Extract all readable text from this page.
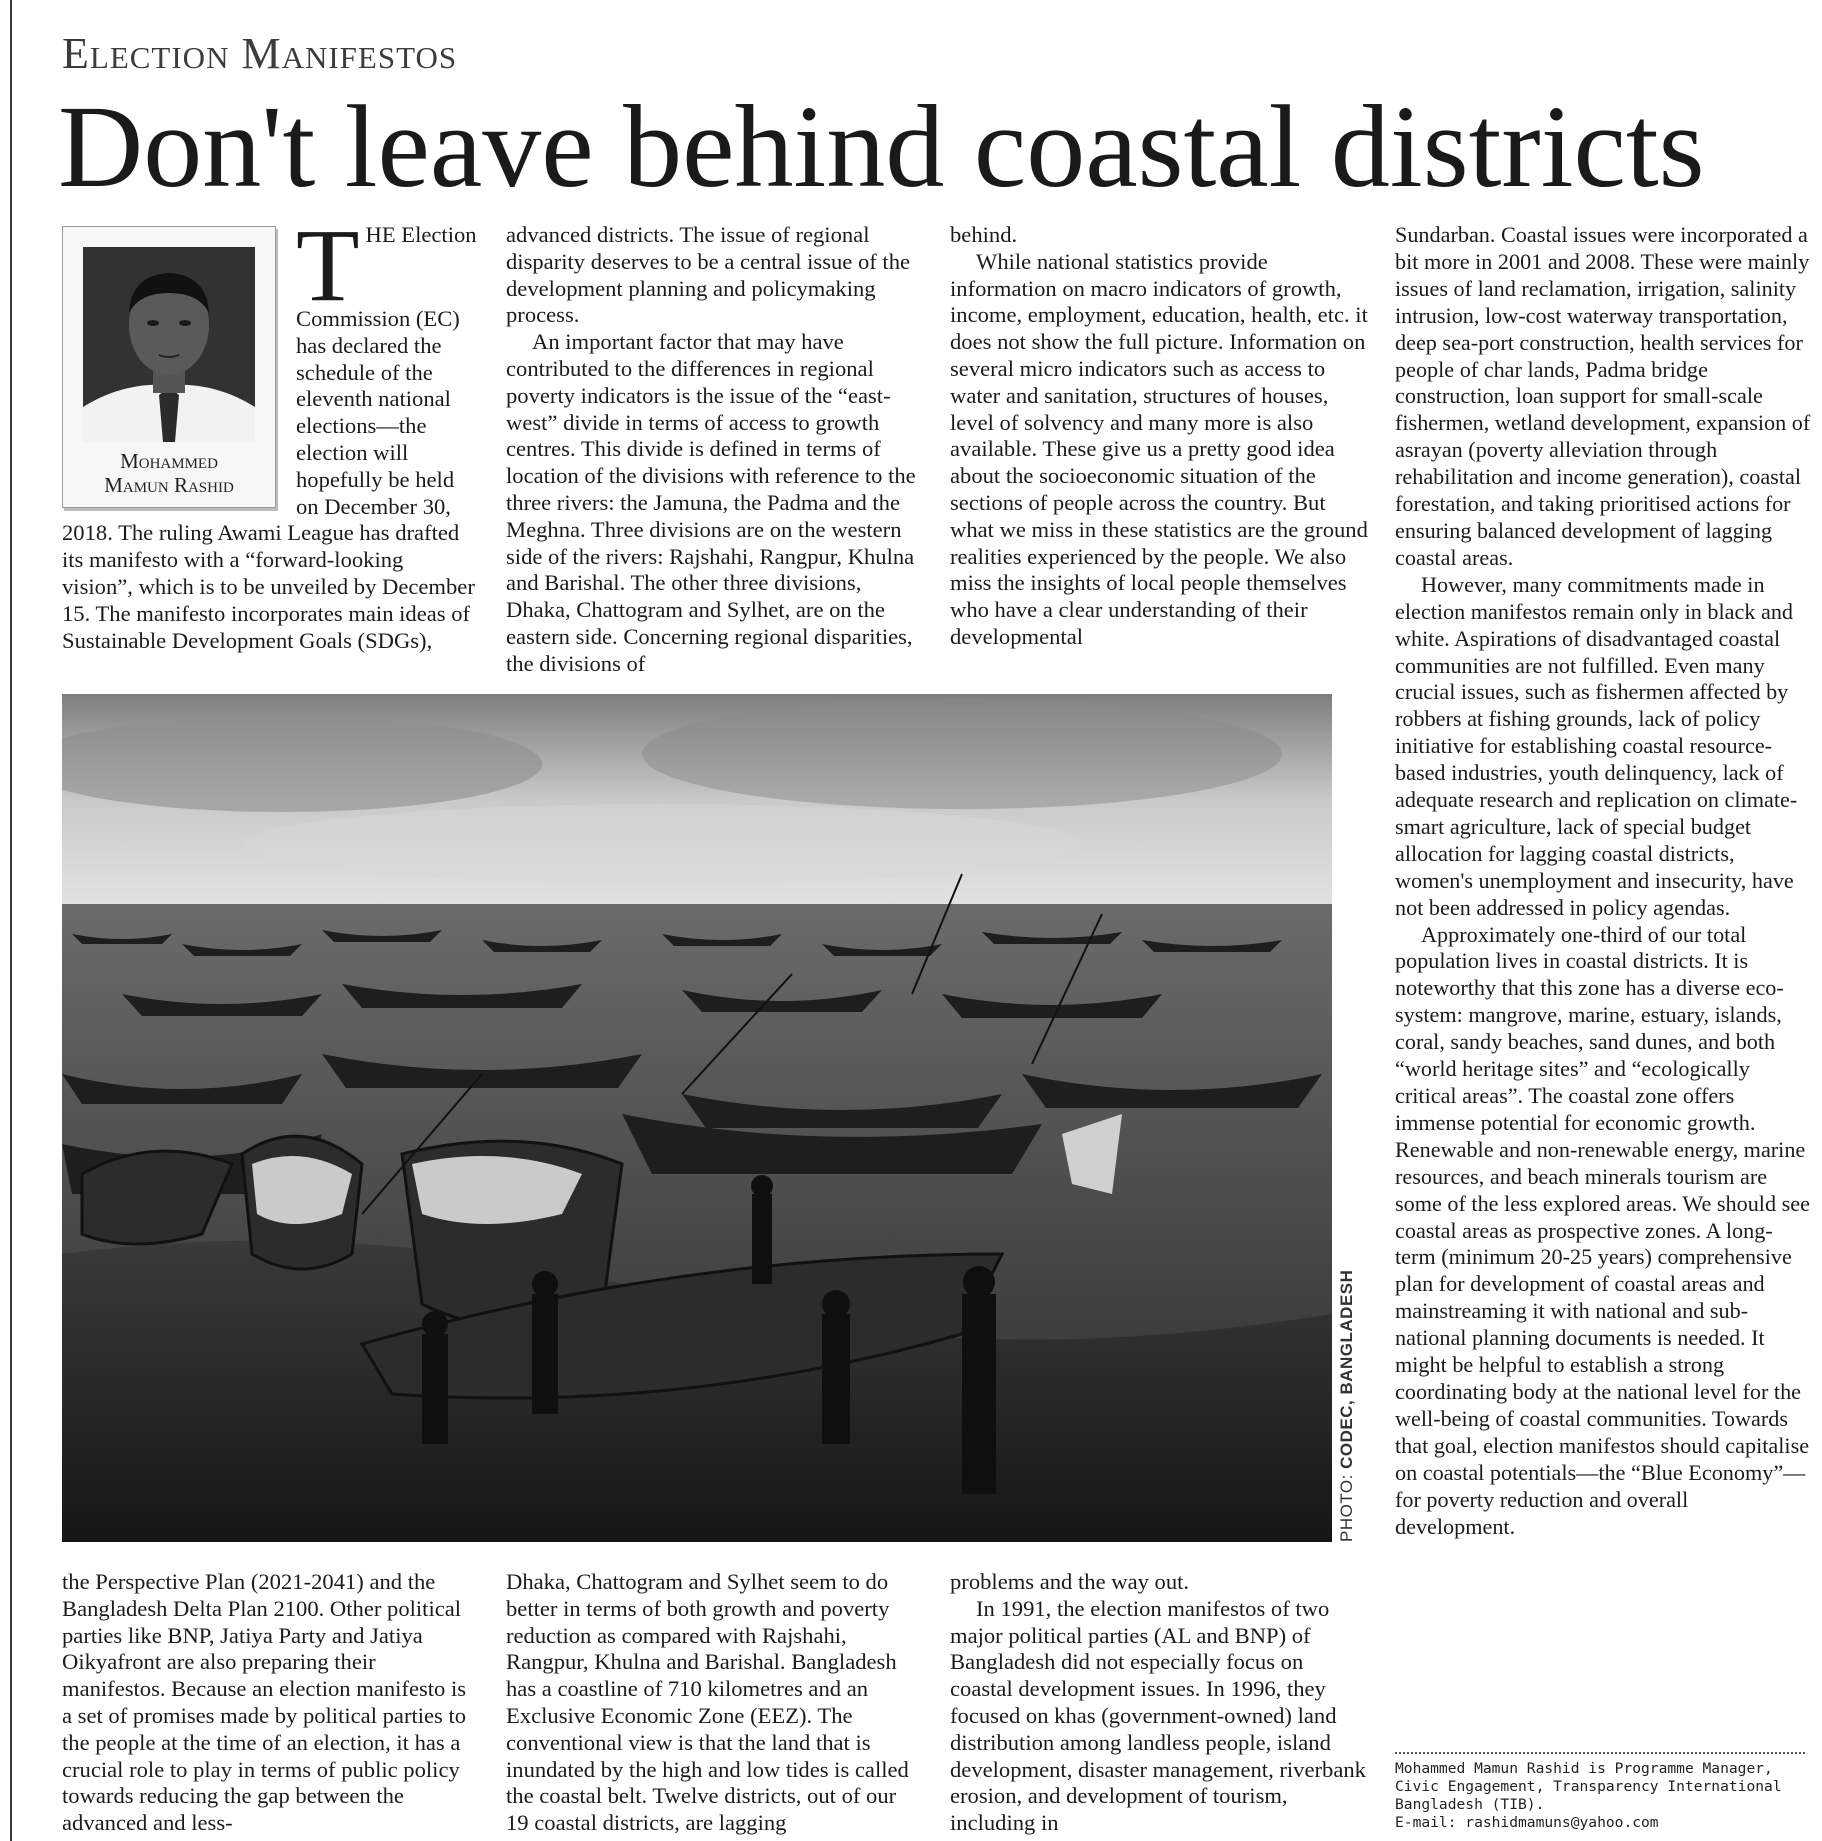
Election Manifestos
Don't leave behind coastal districts
Mohammed
Mamun Rashid
T HE Election Commission (EC) has declared the schedule of the eleventh national elections—the election will hopefully be held on December 30, 2018. The ruling Awami League has drafted its manifesto with a “forward-looking vision”, which is to be unveiled by December 15. The manifesto incorporates main ideas of Sustainable Development Goals (SDGs),

advanced districts. The issue of regional disparity deserves to be a central issue of the development planning and policymaking process.

An important factor that may have contributed to the differences in regional poverty indicators is the issue of the “east-west” divide in terms of access to growth centres. This divide is defined in terms of location of the divisions with reference to the three rivers: the Jamuna, the Padma and the Meghna. Three divisions are on the western side of the rivers: Rajshahi, Rangpur, Khulna and Barishal. The other three divisions, Dhaka, Chattogram and Sylhet, are on the eastern side. Concerning regional disparities, the divisions of

behind.

While national statistics provide information on macro indicators of growth, income, employment, education, health, etc. it does not show the full picture. Information on several micro indicators such as access to water and sanitation, structures of houses, level of solvency and many more is also available. These give us a pretty good idea about the socioeconomic situation of the sections of people across the country. But what we miss in these statistics are the ground realities experienced by the people. We also miss the insights of local people themselves who have a clear understanding of their developmental

Sundarban. Coastal issues were incorporated a bit more in 2001 and 2008. These were mainly issues of land reclamation, irrigation, salinity intrusion, low-cost waterway transportation, deep sea-port construction, health services for people of char lands, Padma bridge construction, loan support for small-scale fishermen, wetland development, expansion of asrayan (poverty alleviation through rehabilitation and income generation), coastal forestation, and taking prioritised actions for ensuring balanced development of lagging coastal areas.

However, many commitments made in election manifestos remain only in black and white. Aspirations of disadvantaged coastal communities are not fulfilled. Even many crucial issues, such as fishermen affected by robbers at fishing grounds, lack of policy initiative for establishing coastal resource-based industries, youth delinquency, lack of adequate research and replication on climate-smart agriculture, lack of special budget allocation for lagging coastal districts, women's unemployment and insecurity, have not been addressed in policy agendas.

Approximately one-third of our total population lives in coastal districts. It is noteworthy that this zone has a diverse eco-system: mangrove, marine, estuary, islands, coral, sandy beaches, sand dunes, and both “world heritage sites” and “ecologically critical areas”. The coastal zone offers immense potential for economic growth. Renewable and non-renewable energy, marine resources, and beach minerals tourism are some of the less explored areas. We should see coastal areas as prospective zones. A long-term (minimum 20-25 years) comprehensive plan for development of coastal areas and mainstreaming it with national and sub-national planning documents is needed. It might be helpful to establish a strong coordinating body at the national level for the well-being of coastal communities. Towards that goal, election manifestos should capitalise on coastal potentials—the “Blue Economy”—for poverty reduction and overall development.

PHOTO: CODEC, BANGLADESH

the Perspective Plan (2021-2041) and the Bangladesh Delta Plan 2100. Other political parties like BNP, Jatiya Party and Jatiya Oikyafront are also preparing their manifestos. Because an election manifesto is a set of promises made by political parties to the people at the time of an election, it has a crucial role to play in terms of public policy towards reducing the gap between the advanced and less-

Dhaka, Chattogram and Sylhet seem to do better in terms of both growth and poverty reduction as compared with Rajshahi, Rangpur, Khulna and Barishal. Bangladesh has a coastline of 710 kilometres and an Exclusive Economic Zone (EEZ). The conventional view is that the land that is inundated by the high and low tides is called the coastal belt. Twelve districts, out of our 19 coastal districts, are lagging

problems and the way out.

In 1991, the election manifestos of two major political parties (AL and BNP) of Bangladesh did not especially focus on coastal development issues. In 1996, they focused on khas (government-owned) land distribution among landless people, island development, disaster management, riverbank erosion, and development of tourism, including in

Mohammed Mamun Rashid is Programme Manager, Civic Engagement, Transparency International Bangladesh (TIB).

E-mail: rashidmamuns@yahoo.com
